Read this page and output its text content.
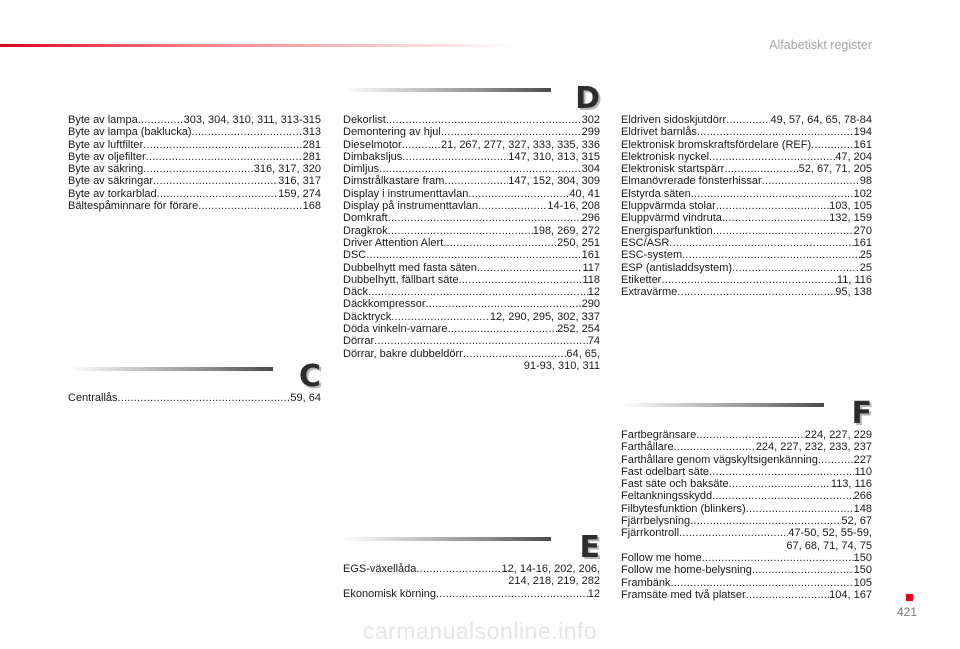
Alfabetiskt register
Byte av lampa .....	303, 304, 310, 311, 313-315
Byte av lampa (baklucka) .....	313
Byte av luftfilter .....	281
Byte av oljefilter .....	281
Byte av säkring .....	316, 317, 320
Byte av säkringar .....	316, 317
Byte av torkarblad .....	159, 274
Bältespåminnare för förare .....	168
C
Centrallås .....	59, 64
D
Dekorlist .....	302
Demontering av hjul .....	299
Dieselmotor .....	21, 267, 277, 327, 333, 335, 336
Dimbaksljus .....	147, 310, 313, 315
Dimljus .....	304
Dimstrålkastare fram .....	147, 152, 304, 309
Display i instrumenttavlan .....	40, 41
Display på instrumenttavlan .....	14-16, 208
Domkraft .....	296
Dragkrok .....	198, 269, 272
Driver Attention Alert .....	250, 251
DSC .....	161
Dubbelhytt med fasta säten .....	117
Dubbelhytt, fällbart säte .....	118
Däck .....	12
Däckkompressor .....	290
Däcktryck .....	12, 290, 295, 302, 337
Döda vinkeln-varnare .....	252, 254
Dörrar .....	74
Dörrar, bakre dubbeldörr .....	64, 65,
91-93, 310, 311
E
EGS-växellåda .....	12, 14-16, 202, 206,
214, 218, 219, 282
Ekonomisk körning .....	12
Eldriven sidoskjutdörr .....	49, 57, 64, 65, 78-84
Eldrivet barnlås .....	194
Elektronisk bromskraftsfördelare (REF) .....	161
Elektronisk nyckel .....	47, 204
Elektronisk startspärr .....	52, 67, 71, 205
Elmanövrerade fönsterhissar .....	98
Elstyrda säten .....	102
Eluppvärmda stolar .....	103, 105
Eluppvärmd vindruta .....	132, 159
Energisparfunktion .....	270
ESC/ASR .....	161
ESC-system .....	25
ESP (antisladdsystem) .....	25
Etiketter .....	11, 116
Extravärme .....	95, 138
F
Fartbegränsare .....	224, 227, 229
Farthållare .....	224, 227, 232, 233, 237
Farthållare genom vägskyltsigenkänning .....	227
Fast odelbart säte .....	110
Fast säte och baksäte .....	113, 116
Feltankningsskydd .....	266
Filbytesfunktion (blinkers) .....	148
Fjärrbelysning .....	52, 67
Fjärrkontroll .....	47-50, 52, 55-59,
67, 68, 71, 74, 75
Follow me home .....	150
Follow me home-belysning .....	150
Frambänk .....	105
Framsäte med två platser .....	104, 167
421
carmanualsonline.info
